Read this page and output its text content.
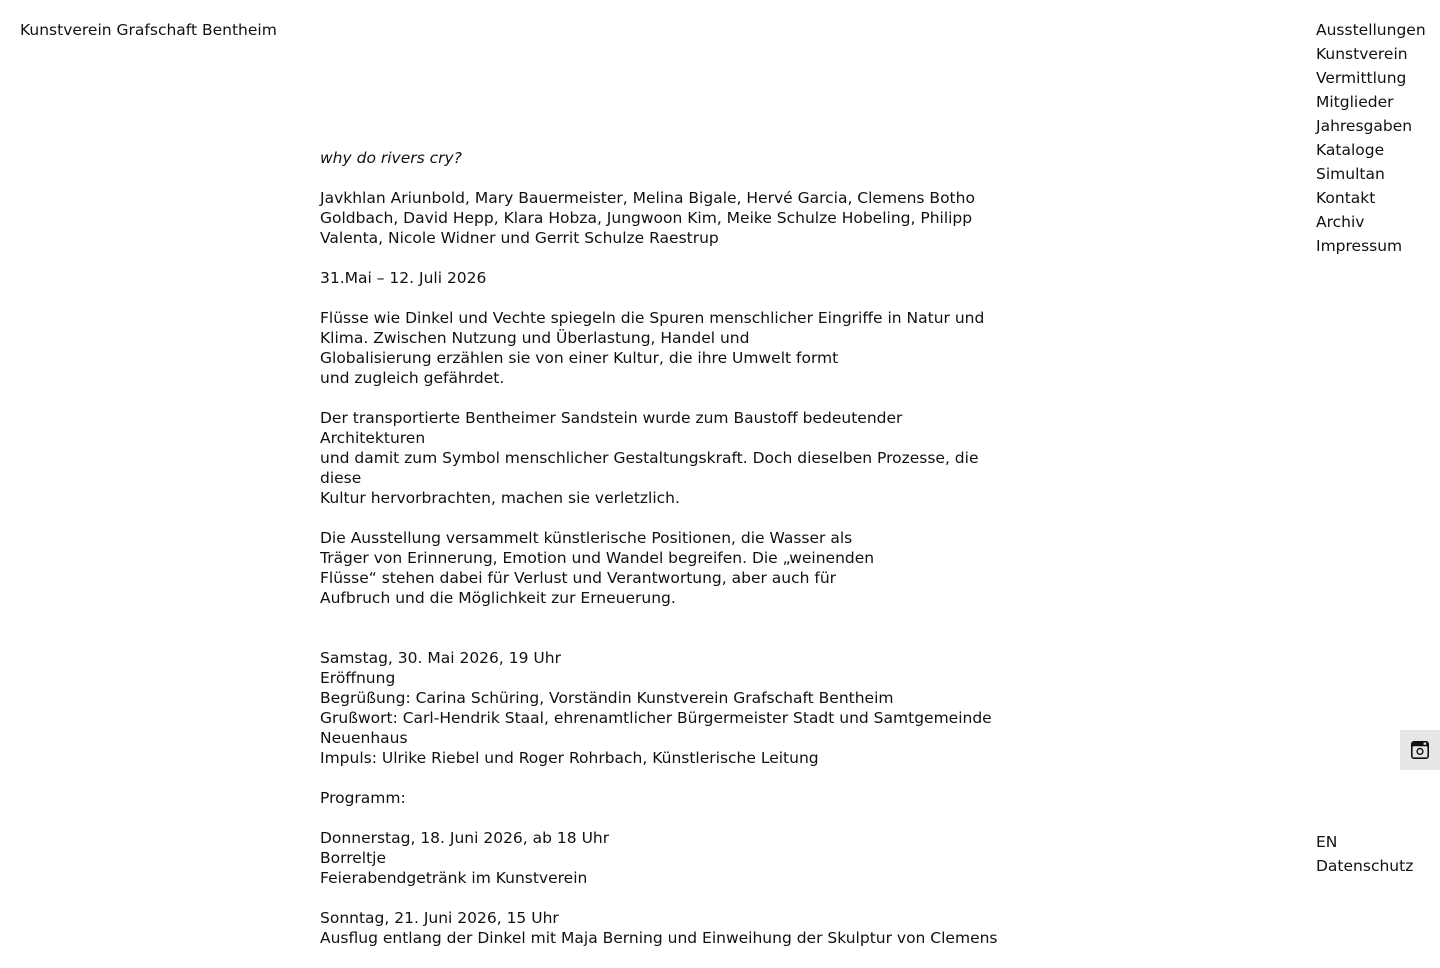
Kunstverein Grafschaft Bentheim	Ausstellungen
Kunstverein
Vermittlung
Mitglieder
Jahresgaben
Kataloge
Simultan
Kontakt
Archiv
Impressum
EN
Datenschutz

why do rivers cry?

Javkhlan Ariunbold, Mary Bauermeister, Melina Bigale, Hervé Garcia, Clemens Botho
Goldbach, David Hepp, Klara Hobza, Jungwoon Kim, Meike Schulze Hobeling, Philipp
Valenta, Nicole Widner und Gerrit Schulze Raestrup

31.Mai – 12. Juli 2026

Flüsse wie Dinkel und Vechte spiegeln die Spuren menschlicher Eingriffe in Natur und
Klima. Zwischen Nutzung und Überlastung, Handel und
Globalisierung erzählen sie von einer Kultur, die ihre Umwelt formt
und zugleich gefährdet.

Der transportierte Bentheimer Sandstein wurde zum Baustoff bedeutender Architekturen
und damit zum Symbol menschlicher Gestaltungskraft. Doch dieselben Prozesse, die diese
Kultur hervorbrachten, machen sie verletzlich.

Die Ausstellung versammelt künstlerische Positionen, die Wasser als
Träger von Erinnerung, Emotion und Wandel begreifen. Die „weinenden
Flüsse“ stehen dabei für Verlust und Verantwortung, aber auch für
Aufbruch und die Möglichkeit zur Erneuerung.

Samstag, 30. Mai 2026, 19 Uhr
Eröffnung
Begrüßung: Carina Schüring, Vorständin Kunstverein Grafschaft Bentheim
Grußwort: Carl-Hendrik Staal, ehrenamtlicher Bürgermeister Stadt und Samtgemeinde
Neuenhaus
Impuls: Ulrike Riebel und Roger Rohrbach, Künstlerische Leitung

Programm:

Donnerstag, 18. Juni 2026, ab 18 Uhr
Borreltje
Feierabendgetränk im Kunstverein

Sonntag, 21. Juni 2026, 15 Uhr
Ausflug entlang der Dinkel mit Maja Berning und Einweihung der Skulptur von Clemens
